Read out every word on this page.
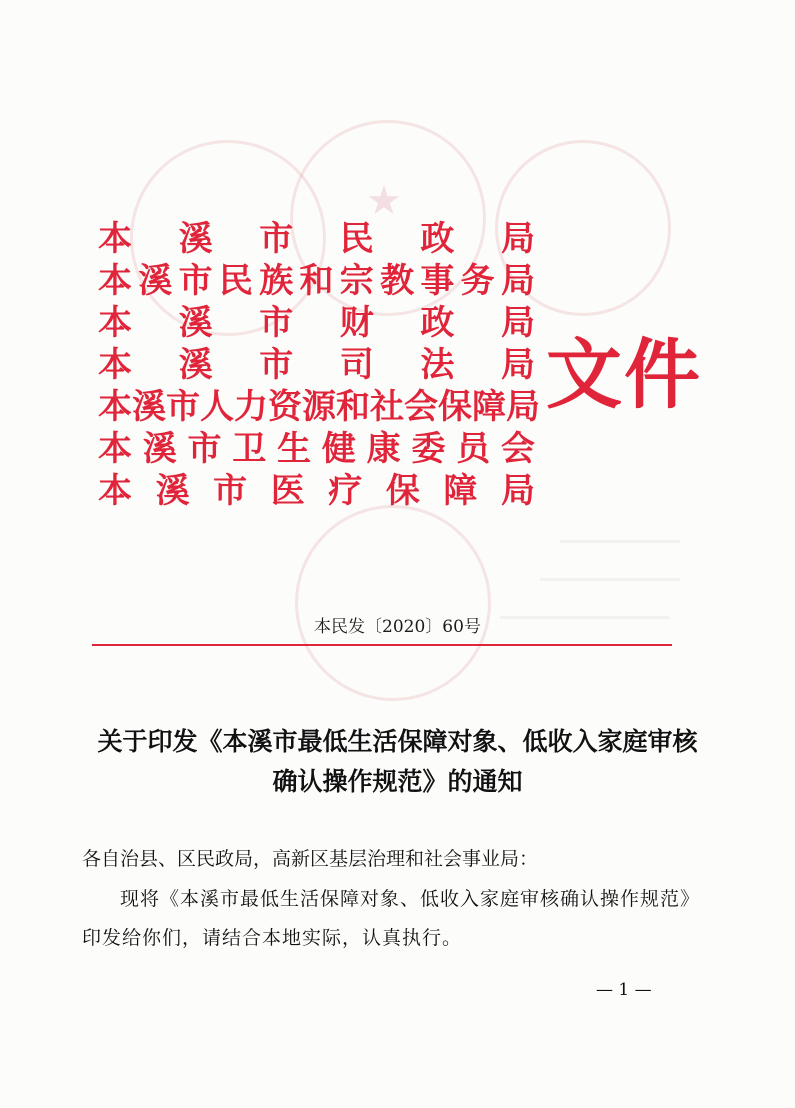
★
本 溪 市 民 政 局
本 溪 市 民 族 和 宗 教 事 务 局
本 溪 市 财 政 局
本 溪 市 司 法 局
本 溪 市 人 力 资 源 和 社 会 保 障 局
本 溪 市 卫 生 健 康 委 员 会
本 溪 市 医 疗 保 障 局
文件
本民发〔2020〕60号
关于印发《本溪市最低生活保障对象、低收入家庭审核确认操作规范》的通知
各自治县、区民政局，高新区基层治理和社会事业局：
现将《本溪市最低生活保障对象、低收入家庭审核确认操作规范》印发给你们，请结合本地实际，认真执行。
— 1 —
